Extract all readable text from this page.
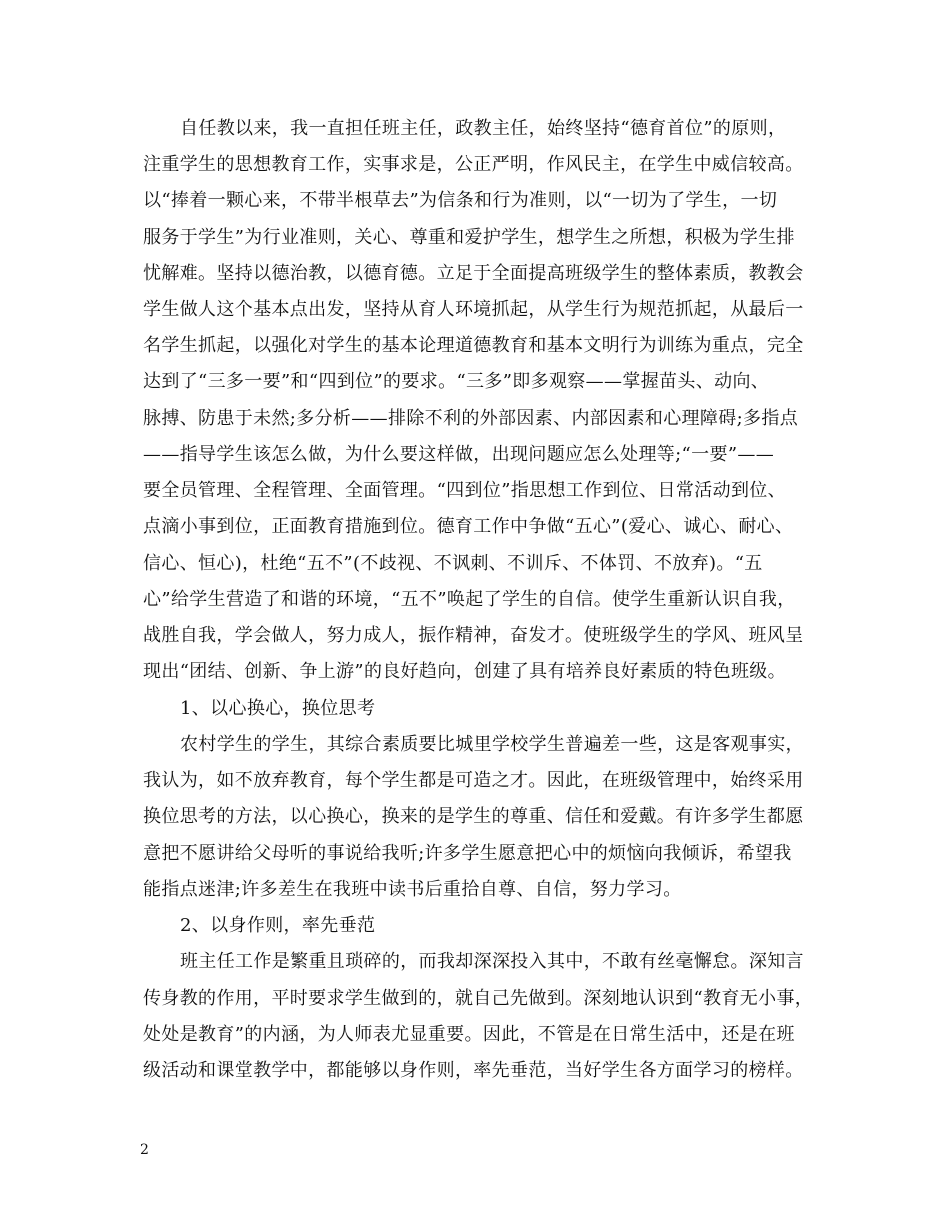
自任教以来，我一直担任班主任，政教主任，始终坚持“德育首位”的原则，
注重学生的思想教育工作，实事求是，公正严明，作风民主，在学生中威信较高。
以“捧着一颗心来，不带半根草去”为信条和行为准则，以“一切为了学生，一切
服务于学生”为行业准则，关心、尊重和爱护学生，想学生之所想，积极为学生排
忧解难。坚持以德治教，以德育德。立足于全面提高班级学生的整体素质，教教会
学生做人这个基本点出发，坚持从育人环境抓起，从学生行为规范抓起，从最后一
名学生抓起，以强化对学生的基本论理道德教育和基本文明行为训练为重点，完全
达到了“三多一要”和“四到位”的要求。“三多”即多观察——掌握苗头、动向、
脉搏、防患于未然;多分析——排除不利的外部因素、内部因素和心理障碍;多指点
——指导学生该怎么做，为什么要这样做，出现问题应怎么处理等;“一要”——
要全员管理、全程管理、全面管理。“四到位”指思想工作到位、日常活动到位、
点滴小事到位，正面教育措施到位。德育工作中争做“五心”(爱心、诚心、耐心、
信心、恒心)，杜绝“五不”(不歧视、不讽刺、不训斥、不体罚、不放弃)。“五
心”给学生营造了和谐的环境，“五不”唤起了学生的自信。使学生重新认识自我，
战胜自我，学会做人，努力成人，振作精神，奋发才。使班级学生的学风、班风呈
现出“团结、创新、争上游”的良好趋向，创建了具有培养良好素质的特色班级。
1、以心换心，换位思考
农村学生的学生，其综合素质要比城里学校学生普遍差一些，这是客观事实，
我认为，如不放弃教育，每个学生都是可造之才。因此，在班级管理中，始终采用
换位思考的方法，以心换心，换来的是学生的尊重、信任和爱戴。有许多学生都愿
意把不愿讲给父母听的事说给我听;许多学生愿意把心中的烦恼向我倾诉，希望我
能指点迷津;许多差生在我班中读书后重拾自尊、自信，努力学习。
2、以身作则，率先垂范
班主任工作是繁重且琐碎的，而我却深深投入其中，不敢有丝毫懈怠。深知言
传身教的作用，平时要求学生做到的，就自己先做到。深刻地认识到“教育无小事，
处处是教育”的内涵，为人师表尤显重要。因此，不管是在日常生活中，还是在班
级活动和课堂教学中，都能够以身作则，率先垂范，当好学生各方面学习的榜样。
2
